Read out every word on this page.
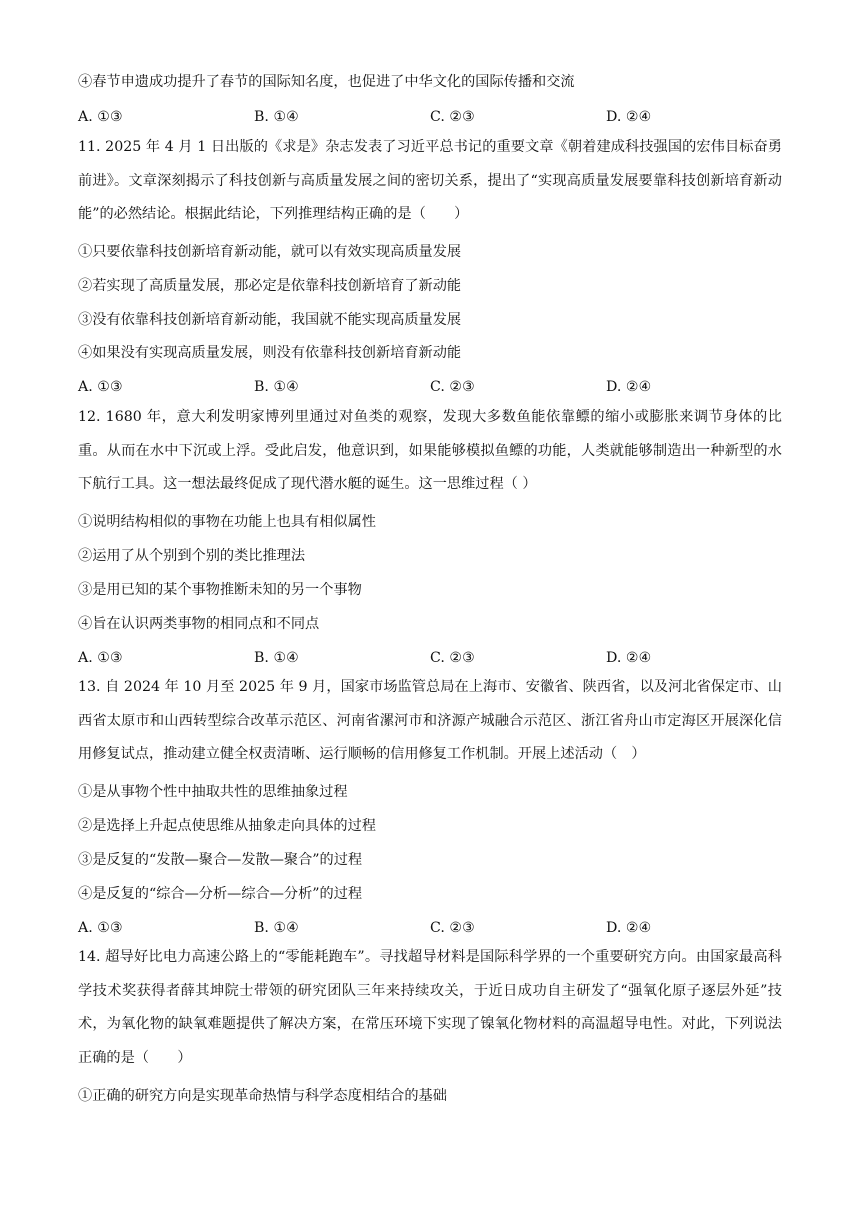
④春节申遗成功提升了春节的国际知名度，也促进了中华文化的国际传播和交流
A. ①③	B. ①④	C. ②③	D. ②④
11. 2025 年 4 月 1 日出版的《求是》杂志发表了习近平总书记的重要文章《朝着建成科技强国的宏伟目标奋勇前进》。文章深刻揭示了科技创新与高质量发展之间的密切关系，提出了“实现高质量发展要靠科技创新培育新动能”的必然结论。根据此结论，下列推理结构正确的是（　　）
①只要依靠科技创新培育新动能，就可以有效实现高质量发展
②若实现了高质量发展，那必定是依靠科技创新培育了新动能
③没有依靠科技创新培育新动能，我国就不能实现高质量发展
④如果没有实现高质量发展，则没有依靠科技创新培育新动能
A. ①③	B. ①④	C. ②③	D. ②④
12. 1680 年，意大利发明家博列里通过对鱼类的观察，发现大多数鱼能依靠鳔的缩小或膨胀来调节身体的比重。从而在水中下沉或上浮。受此启发，他意识到，如果能够模拟鱼鳔的功能，人类就能够制造出一种新型的水下航行工具。这一想法最终促成了现代潜水艇的诞生。这一思维过程（ ）
①说明结构相似的事物在功能上也具有相似属性
②运用了从个别到个别的类比推理法
③是用已知的某个事物推断未知的另一个事物
④旨在认识两类事物的相同点和不同点
A. ①③	B. ①④	C. ②③	D. ②④
13. 自 2024 年 10 月至 2025 年 9 月，国家市场监管总局在上海市、安徽省、陕西省，以及河北省保定市、山西省太原市和山西转型综合改革示范区、河南省漯河市和济源产城融合示范区、浙江省舟山市定海区开展深化信用修复试点，推动建立健全权责清晰、运行顺畅的信用修复工作机制。开展上述活动（　）
①是从事物个性中抽取共性的思维抽象过程
②是选择上升起点使思维从抽象走向具体的过程
③是反复的“发散—聚合—发散—聚合”的过程
④是反复的“综合—分析—综合—分析”的过程
A. ①③	B. ①④	C. ②③	D. ②④
14. 超导好比电力高速公路上的“零能耗跑车”。寻找超导材料是国际科学界的一个重要研究方向。由国家最高科学技术奖获得者薛其坤院士带领的研究团队三年来持续攻关，于近日成功自主研发了“强氧化原子逐层外延”技术，为氧化物的缺氧难题提供了解决方案，在常压环境下实现了镍氧化物材料的高温超导电性。对此，下列说法正确的是（　　）
①正确的研究方向是实现革命热情与科学态度相结合的基础
